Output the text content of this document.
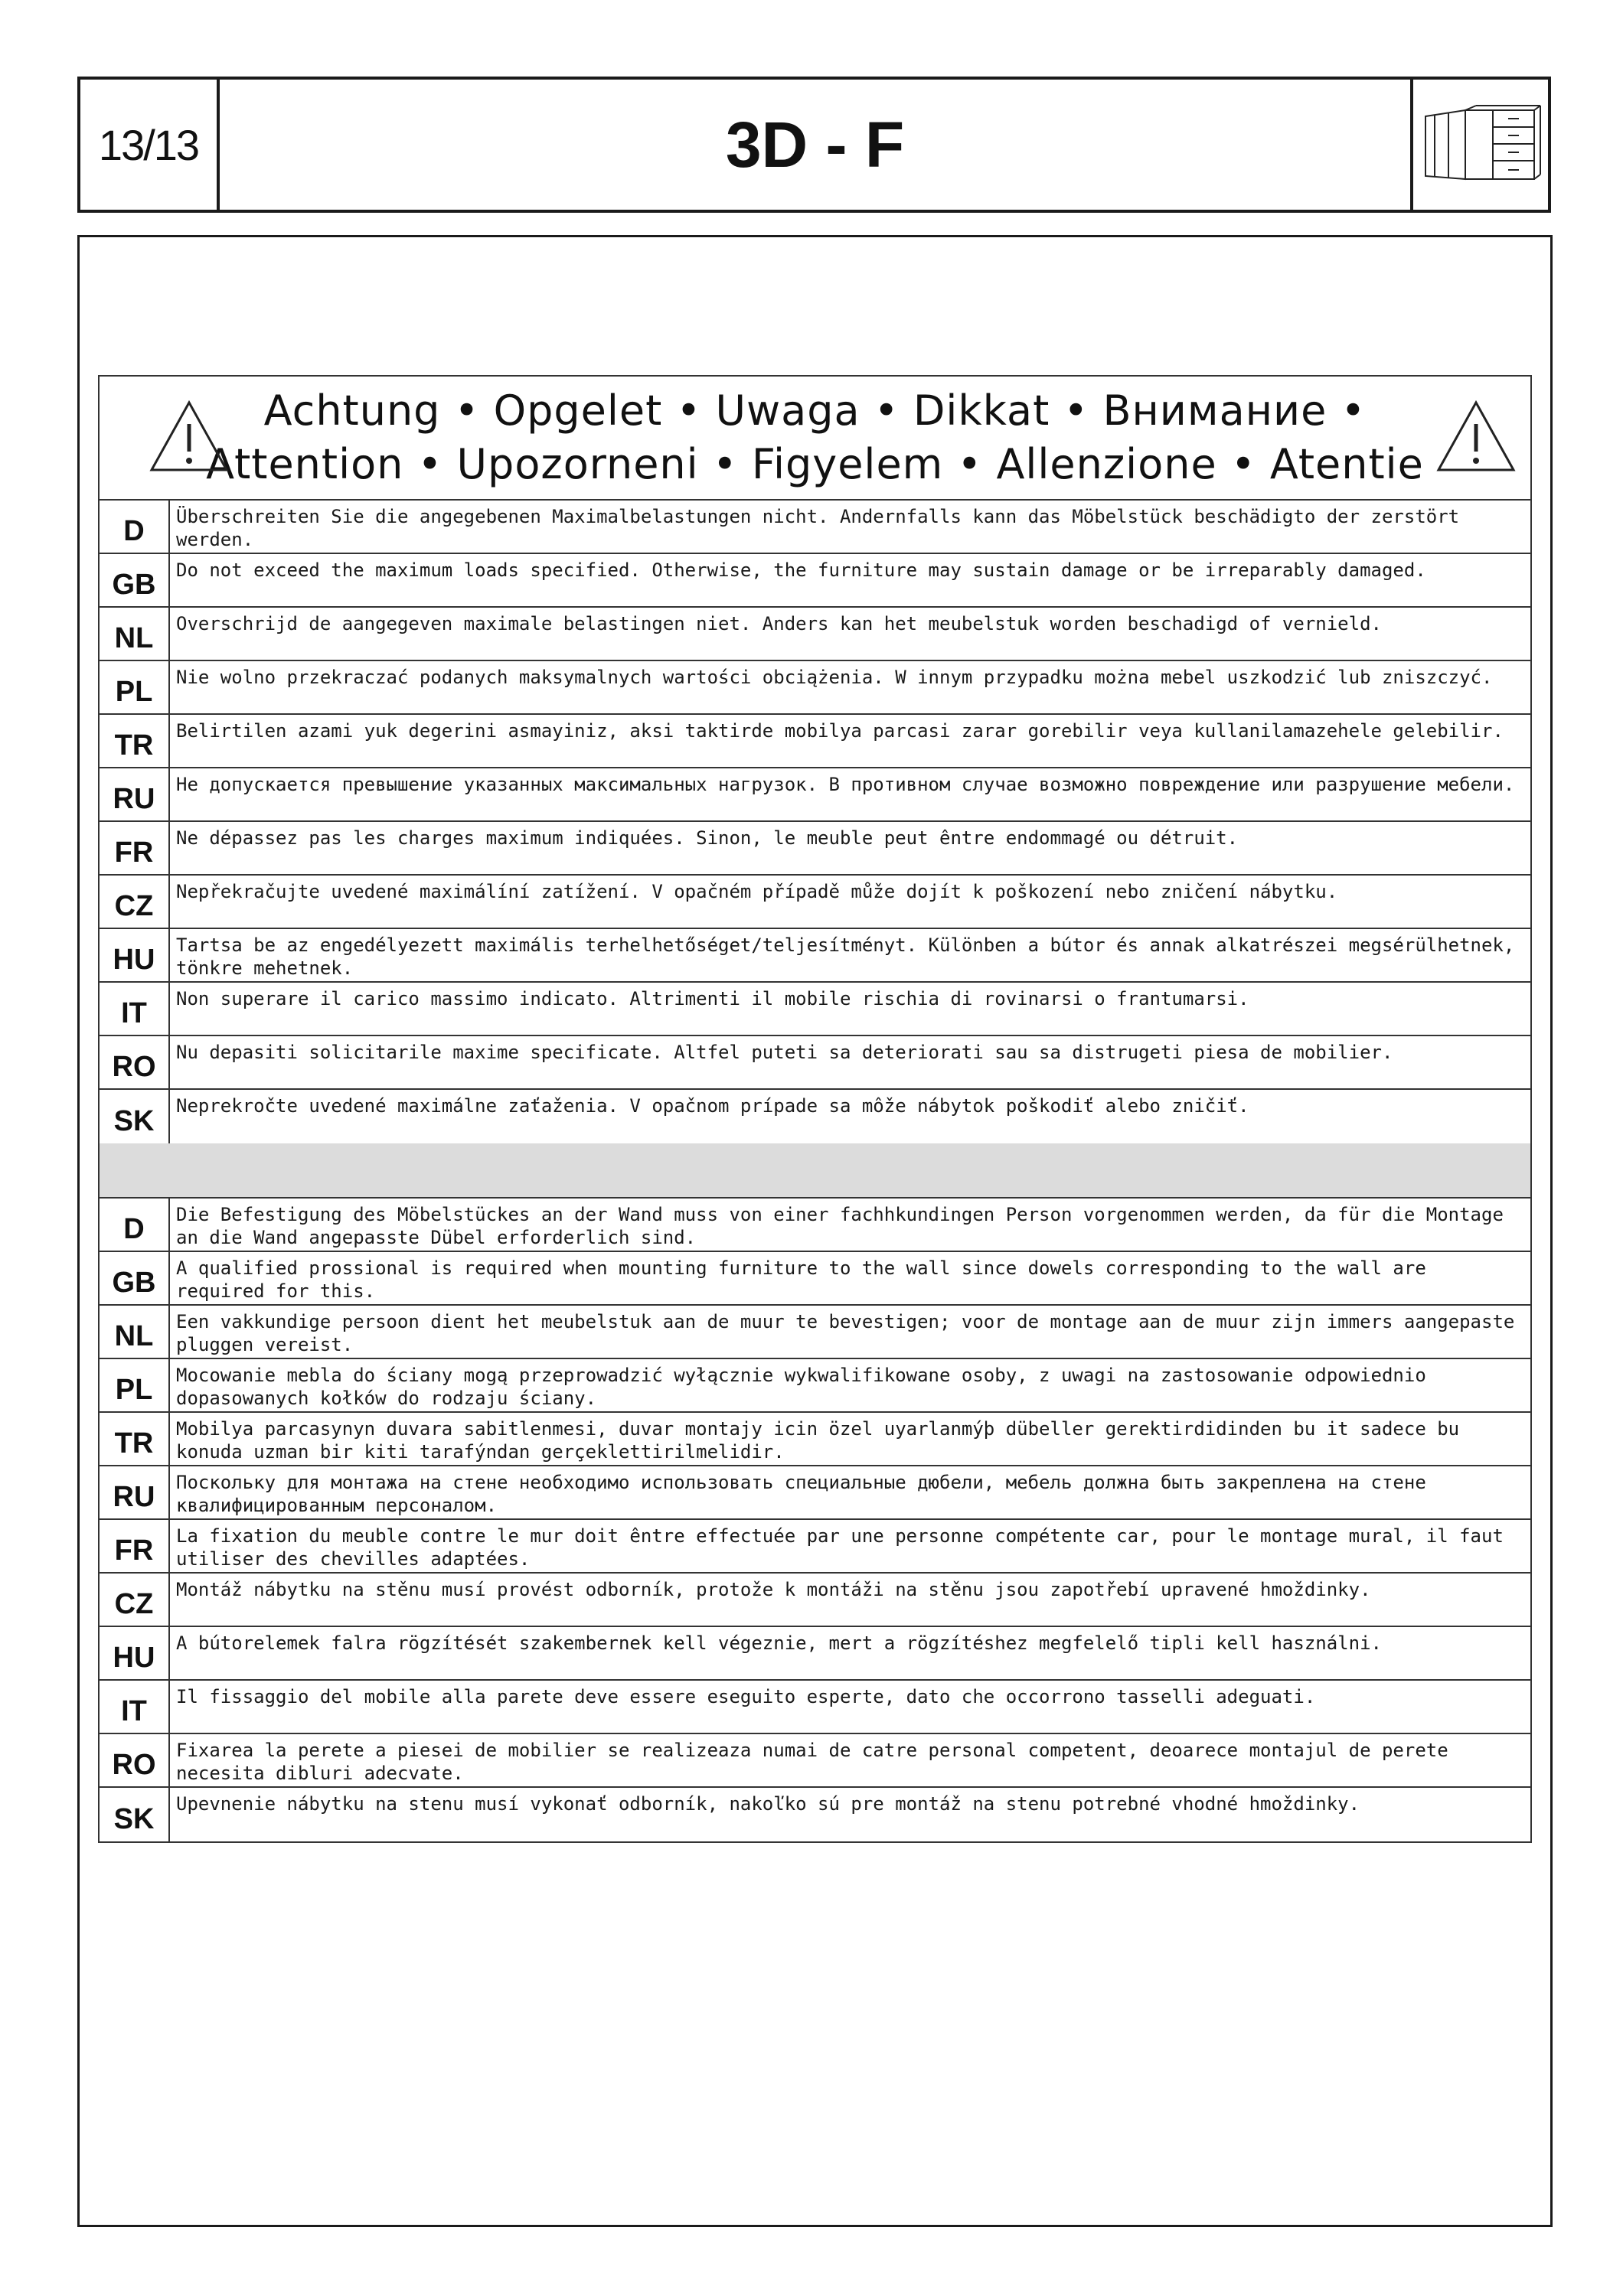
13/13	3D - F
Achtung • Opgelet • Uwaga • Dikkat • Внимание •
Attention • Upozorneni • Figyelem • Allenzione • Atentie
D	Überschreiten Sie die angegebenen Maximalbelastungen nicht. Andernfalls kann das Möbelstück beschädigto der zerstört werden.
GB	Do not exceed the maximum loads specified. Otherwise, the furniture may sustain damage or be irreparably damaged.
NL	Overschrijd de aangegeven maximale belastingen niet. Anders kan het meubelstuk worden beschadigd of vernield.
PL	Nie wolno przekraczać podanych maksymalnych wartości obciążenia. W innym przypadku można mebel uszkodzić lub zniszczyć.
TR	Belirtilen azami yuk degerini asmayiniz, aksi taktirde mobilya parcasi zarar gorebilir veya kullanilamazehele gelebilir.
RU	Не допускается превышение указанных максимальных нагрузок. В противном случае возможно повреждение или разрушение мебели.
FR	Ne dépassez pas les charges maximum indiquées. Sinon, le meuble peut êntre endommagé ou détruit.
CZ	Nepřekračujte uvedené maximálíní zatížení. V opačném případě může dojít k poškození nebo zničení nábytku.
HU	Tartsa be az engedélyezett maximális terhelhetőséget/teljesítményt. Különben a bútor és annak alkatrészei megsérülhetnek, tönkre mehetnek.
IT	Non superare il carico massimo indicato. Altrimenti il mobile rischia di rovinarsi o frantumarsi.
RO	Nu depasiti solicitarile maxime specificate. Altfel puteti sa deteriorati sau sa distrugeti piesa de mobilier.
SK	Neprekročte uvedené maximálne zaťaženia. V opačnom prípade sa môže nábytok poškodiť alebo zničiť.
D	Die Befestigung des Möbelstückes an der Wand muss von einer fachhkundingen Person vorgenommen werden, da für die Montage an die Wand angepasste Dübel erforderlich sind.
GB	A qualified prossional is required when mounting furniture to the wall since dowels corresponding to the wall are required for this.
NL	Een vakkundige persoon dient het meubelstuk aan de muur te bevestigen; voor de montage aan de muur zijn immers aangepaste pluggen vereist.
PL	Mocowanie mebla do ściany mogą przeprowadzić wyłącznie wykwalifikowane osoby, z uwagi na zastosowanie odpowiednio dopasowanych kołków do rodzaju ściany.
TR	Mobilya parcasynyn duvara sabitlenmesi, duvar montajy icin özel uyarlanmýþ dübeller gerektirdidinden bu it sadece bu konuda uzman bir kiti tarafýndan gerçeklettirilmelidir.
RU	Поскольку для монтажа на стене необходимо использовать специальные дюбели, мебель должна быть закреплена на стене квалифицированным персоналом.
FR	La fixation du meuble contre le mur doit êntre effectuée par une personne compétente car, pour le montage mural, il faut utiliser des chevilles adaptées.
CZ	Montáž nábytku na stěnu musí provést odborník, protože k montáži na stěnu jsou zapotřebí upravené hmoždinky.
HU	A bútorelemek falra rögzítését szakembernek kell végeznie, mert a rögzítéshez megfelelő tipli kell használni.
IT	Il fissaggio del mobile alla parete deve essere eseguito esperte, dato che occorrono tasselli adeguati.
RO	Fixarea la perete a piesei de mobilier se realizeaza numai de catre personal competent, deoarece montajul de perete necesita dibluri adecvate.
SK	Upevnenie nábytku na stenu musí vykonať odborník, nakoľko sú pre montáž na stenu potrebné vhodné hmoždinky.
